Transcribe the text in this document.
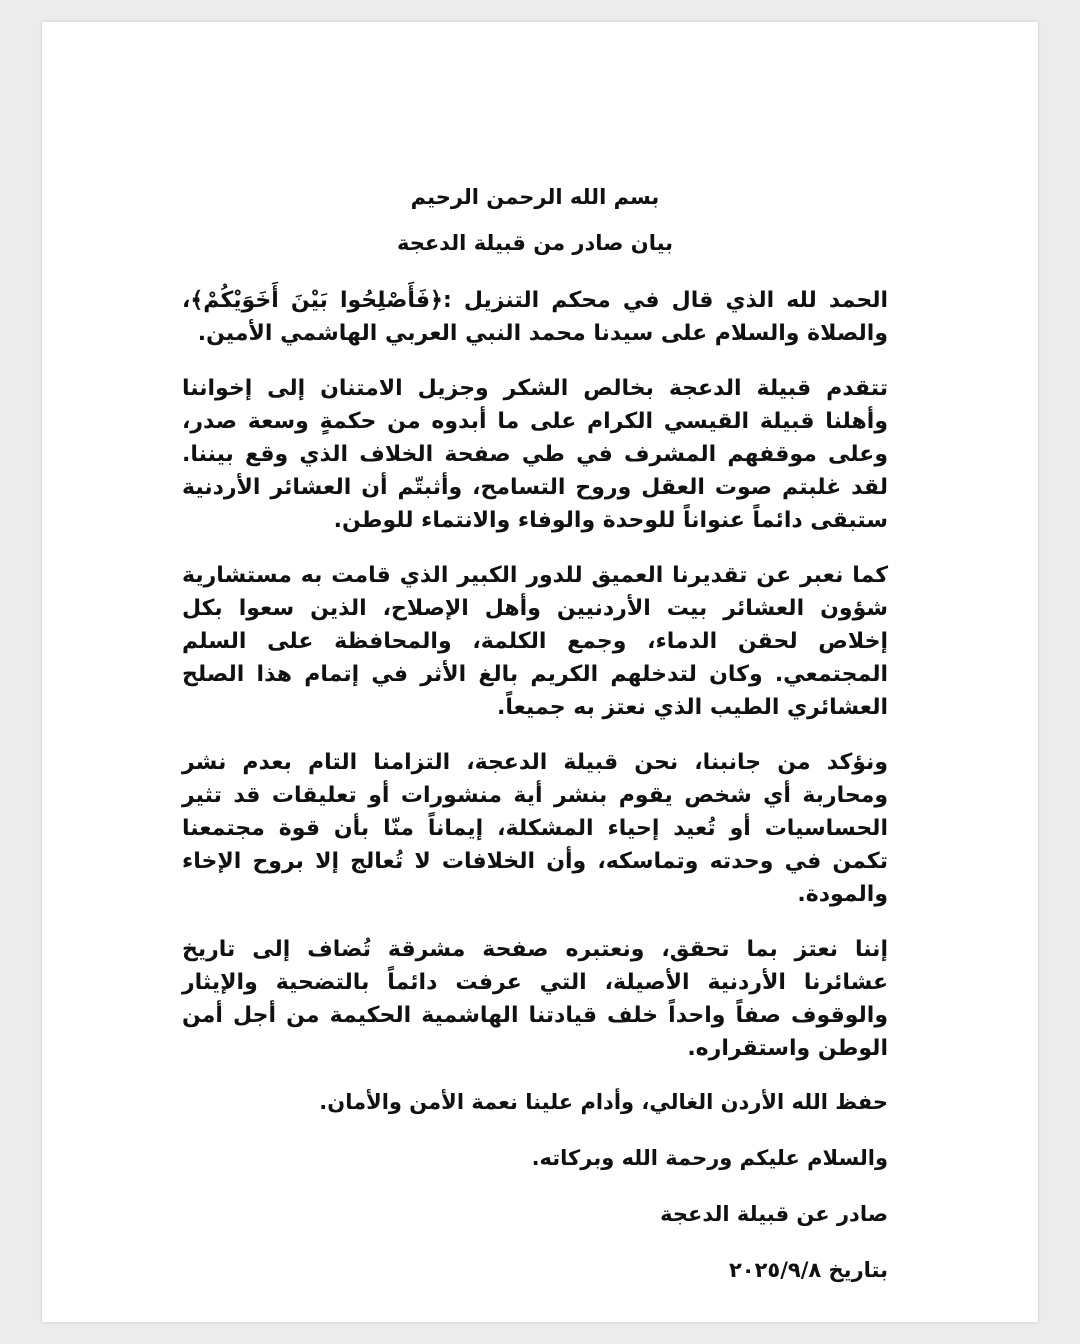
بسم الله الرحمن الرحيم

بيان صادر من قبيلة الدعجة

الحمد لله الذي قال في محكم التنزيل :﴿فَأَصْلِحُوا بَيْنَ أَخَوَيْكُمْ﴾، والصلاة والسلام على سيدنا محمد النبي العربي الهاشمي الأمين.

تتقدم قبيلة الدعجة بخالص الشكر وجزيل الامتنان إلى إخواننا وأهلنا قبيلة القيسي الكرام على ما أبدوه من حكمةٍ وسعة صدر، وعلى موقفهم المشرف في طي صفحة الخلاف الذي وقع بيننا. لقد غلبتم صوت العقل وروح التسامح، وأثبتّم أن العشائر الأردنية ستبقى دائماً عنواناً للوحدة والوفاء والانتماء للوطن.

كما نعبر عن تقديرنا العميق للدور الكبير الذي قامت به مستشارية شؤون العشائر بيت الأردنيين وأهل الإصلاح، الذين سعوا بكل إخلاص لحقن الدماء، وجمع الكلمة، والمحافظة على السلم المجتمعي. وكان لتدخلهم الكريم بالغ الأثر في إتمام هذا الصلح العشائري الطيب الذي نعتز به جميعاً.

ونؤكد من جانبنا، نحن قبيلة الدعجة، التزامنا التام بعدم نشر ومحاربة أي شخص يقوم بنشر أية منشورات أو تعليقات قد تثير الحساسيات أو تُعيد إحياء المشكلة، إيماناً منّا بأن قوة مجتمعنا تكمن في وحدته وتماسكه، وأن الخلافات لا تُعالج إلا بروح الإخاء والمودة.

إننا نعتز بما تحقق، ونعتبره صفحة مشرقة تُضاف إلى تاريخ عشائرنا الأردنية الأصيلة، التي عرفت دائماً بالتضحية والإيثار والوقوف صفاً واحداً خلف قيادتنا الهاشمية الحكيمة من أجل أمن الوطن واستقراره.

حفظ الله الأردن الغالي، وأدام علينا نعمة الأمن والأمان.

والسلام عليكم ورحمة الله وبركاته.

صادر عن قبيلة الدعجة

بتاريخ ٢٠٢٥/٩/٨
